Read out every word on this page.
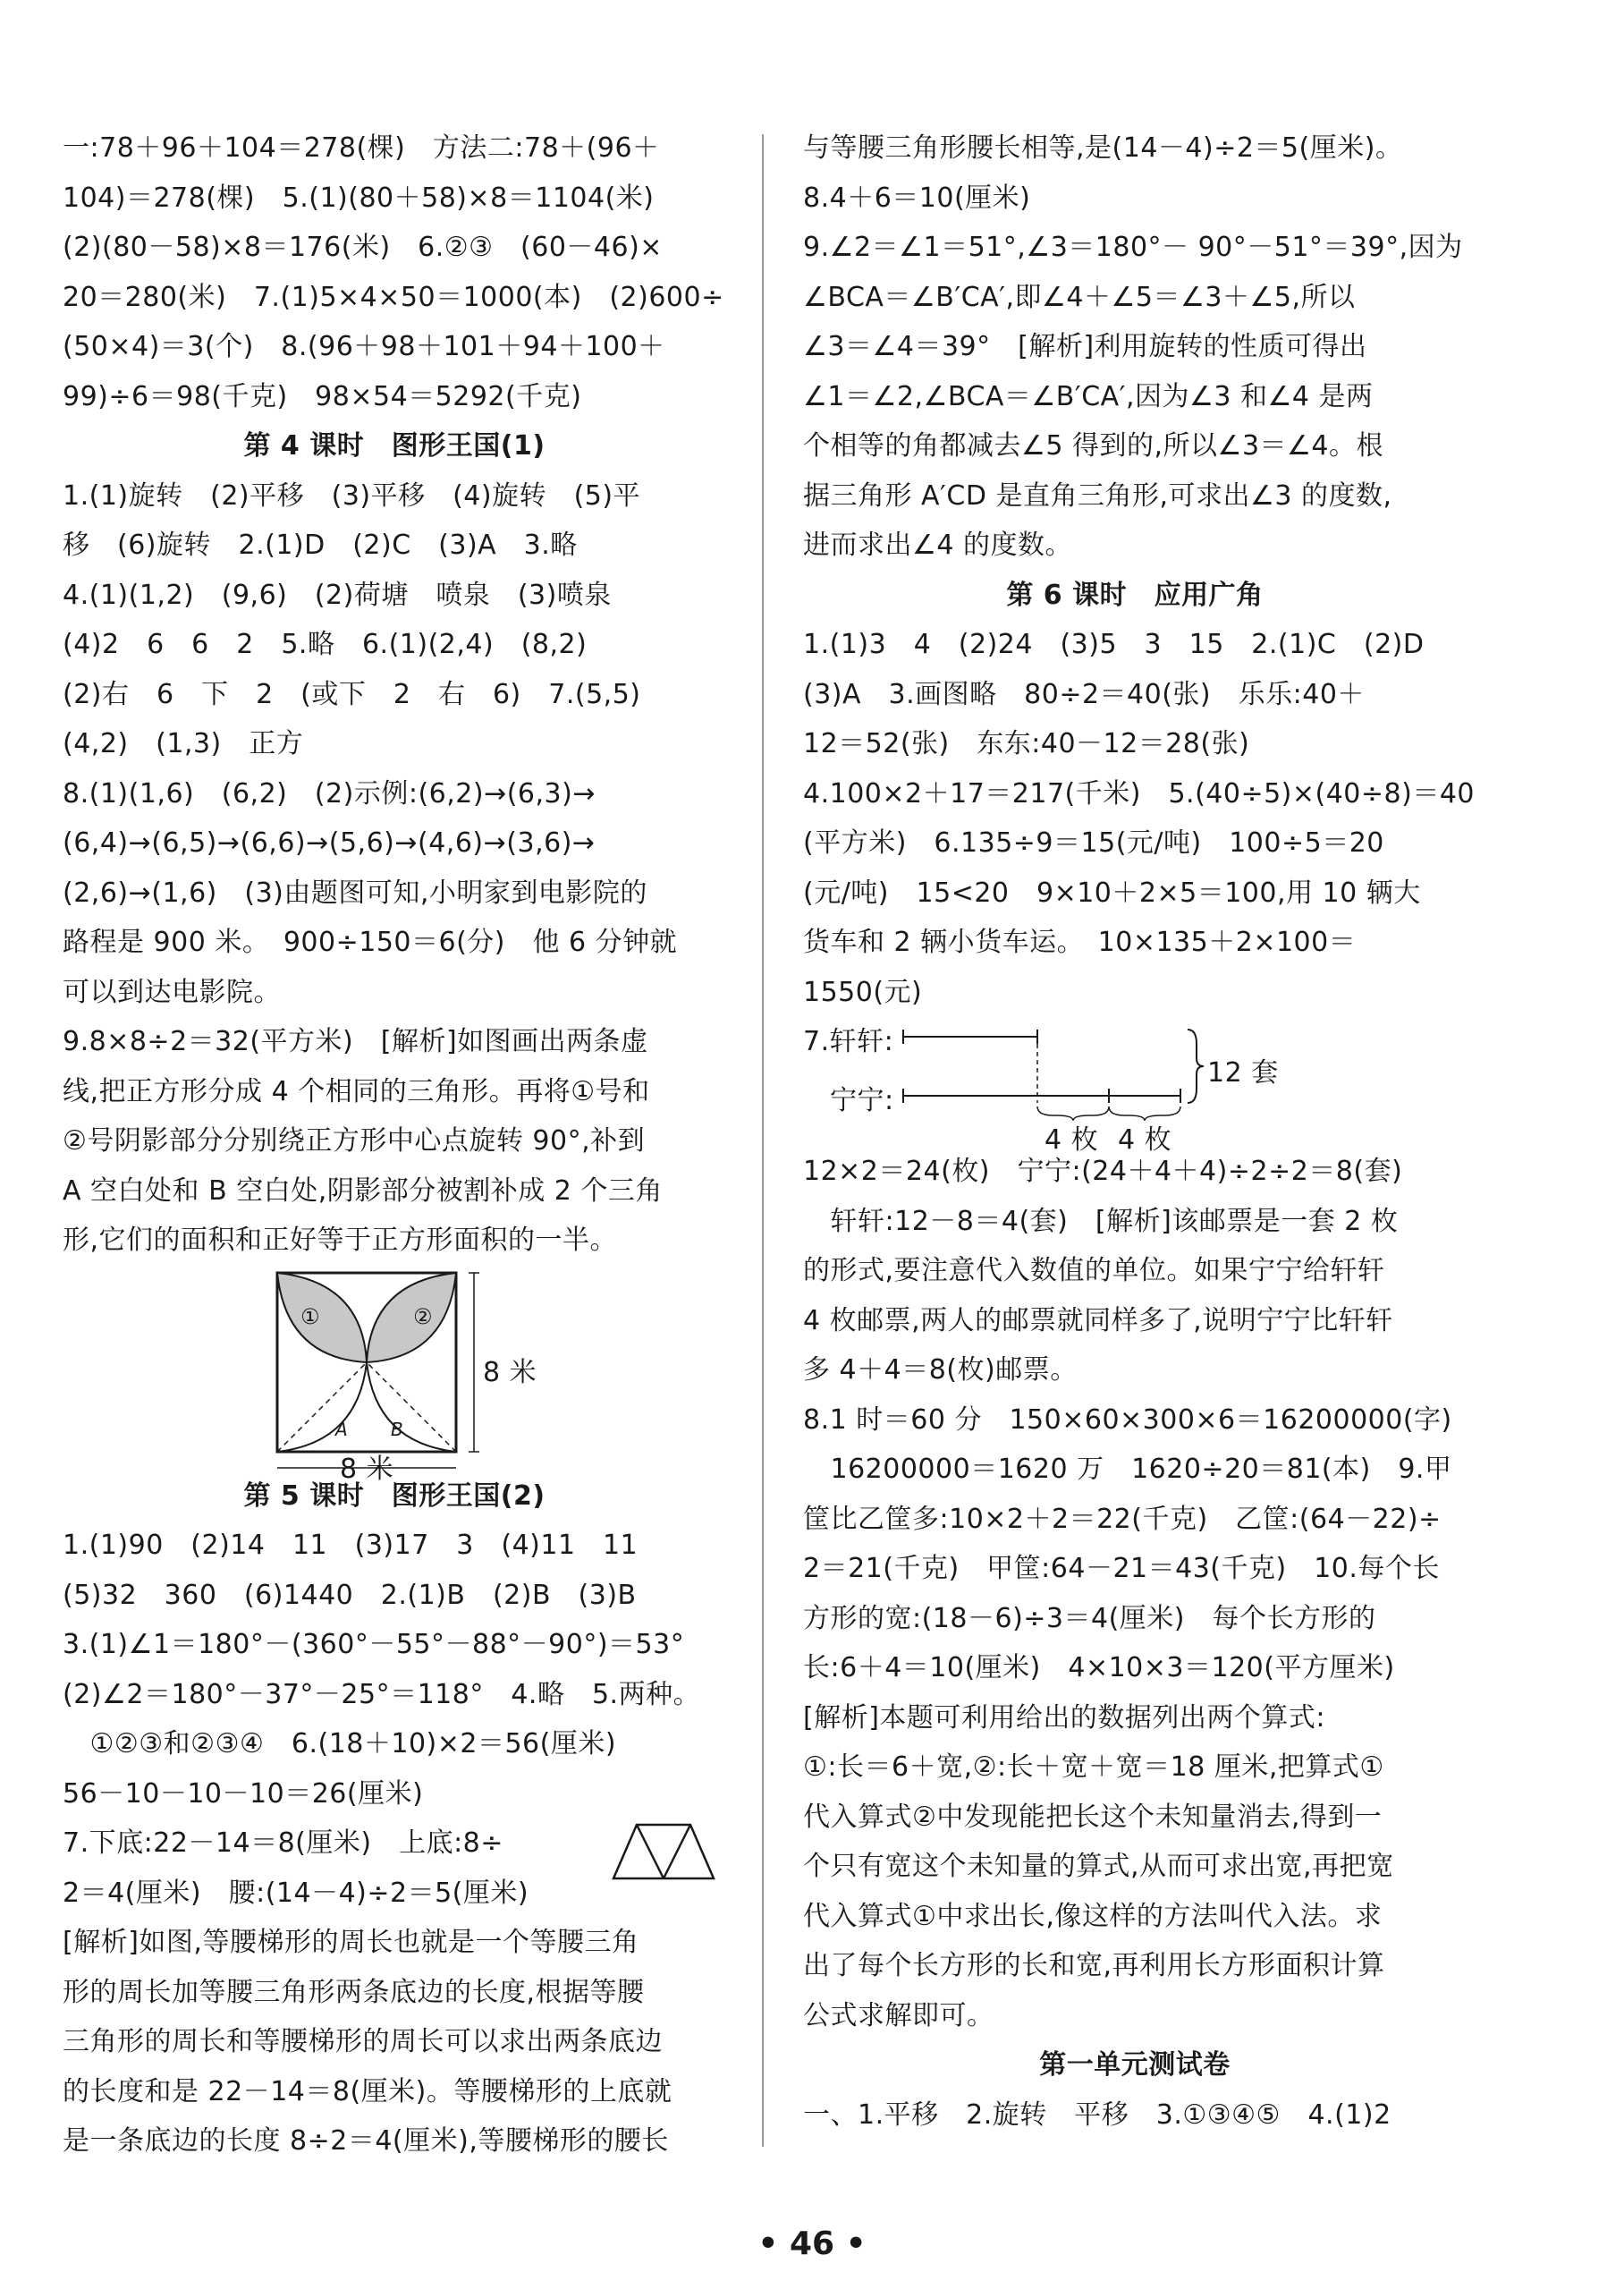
一:78＋96＋104＝278(棵)　方法二:78＋(96＋
104)＝278(棵)　5.(1)(80＋58)×8＝1104(米)
(2)(80－58)×8＝176(米)　6.②③　(60－46)×
20＝280(米)　7.(1)5×4×50＝1000(本)　(2)600÷
(50×4)＝3(个)　8.(96＋98＋101＋94＋100＋
99)÷6＝98(千克)　98×54＝5292(千克)
第 4 课时　图形王国(1)
1.(1)旋转　(2)平移　(3)平移　(4)旋转　(5)平
移　(6)旋转　2.(1)D　(2)C　(3)A　3.略
4.(1)(1,2)　(9,6)　(2)荷塘　喷泉　(3)喷泉
(4)2　6　6　2　5.略　6.(1)(2,4)　(8,2)
(2)右　6　下　2　(或下　2　右　6)　7.(5,5)
(4,2)　(1,3)　正方
8.(1)(1,6)　(6,2)　(2)示例:(6,2)→(6,3)→
(6,4)→(6,5)→(6,6)→(5,6)→(4,6)→(3,6)→
(2,6)→(1,6)　(3)由题图可知,小明家到电影院的
路程是 900 米。　900÷150＝6(分)　他 6 分钟就
可以到达电影院。
9.8×8÷2＝32(平方米)　[解析]如图画出两条虚
线,把正方形分成 4 个相同的三角形。再将①号和
②号阴影部分分别绕正方形中心点旋转 90°,补到
A 空白处和 B 空白处,阴影部分被割补成 2 个三角
形,它们的面积和正好等于正方形面积的一半。
①	②
A B
8 米
8 米
第 5 课时　图形王国(2)
1.(1)90　(2)14　11　(3)17　3　(4)11　11
(5)32　360　(6)1440　2.(1)B　(2)B　(3)B
3.(1)∠1＝180°－(360°－55°－88°－90°)＝53°
(2)∠2＝180°－37°－25°＝118°　4.略　5.两种。
　①②③和②③④　6.(18＋10)×2＝56(厘米)
56－10－10－10＝26(厘米)
7.下底:22－14＝8(厘米)　上底:8÷
2＝4(厘米)　腰:(14－4)÷2＝5(厘米)
[解析]如图,等腰梯形的周长也就是一个等腰三角
形的周长加等腰三角形两条底边的长度,根据等腰
三角形的周长和等腰梯形的周长可以求出两条底边
的长度和是 22－14＝8(厘米)。等腰梯形的上底就
是一条底边的长度 8÷2＝4(厘米),等腰梯形的腰长
与等腰三角形腰长相等,是(14－4)÷2＝5(厘米)。
8.4＋6＝10(厘米)
9.∠2＝∠1＝51°,∠3＝180°－ 90°－51°＝39°,因为
∠BCA＝∠B′CA′,即∠4＋∠5＝∠3＋∠5,所以
∠3＝∠4＝39°　[解析]利用旋转的性质可得出
∠1＝∠2,∠BCA＝∠B′CA′,因为∠3 和∠4 是两
个相等的角都减去∠5 得到的,所以∠3＝∠4。根
据三角形 A′CD 是直角三角形,可求出∠3 的度数,
进而求出∠4 的度数。
第 6 课时　应用广角
1.(1)3　4　(2)24　(3)5　3　15　2.(1)C　(2)D
(3)A　3.画图略　80÷2＝40(张)　乐乐:40＋
12＝52(张)　东东:40－12＝28(张)
4.100×2＋17＝217(千米)　5.(40÷5)×(40÷8)＝40
(平方米)　6.135÷9＝15(元/吨)　100÷5＝20
(元/吨)　15<20　9×10＋2×5＝100,用 10 辆大
货车和 2 辆小货车运。　10×135＋2×100＝
1550(元)
7.轩轩:
宁宁:
12 套
4 枚 4 枚
12×2＝24(枚)　宁宁:(24＋4＋4)÷2÷2＝8(套)
　轩轩:12－8＝4(套)　[解析]该邮票是一套 2 枚
的形式,要注意代入数值的单位。如果宁宁给轩轩
4 枚邮票,两人的邮票就同样多了,说明宁宁比轩轩
多 4＋4＝8(枚)邮票。
8.1 时＝60 分　150×60×300×6＝16200000(字)
　16200000＝1620 万　1620÷20＝81(本)　9.甲
筐比乙筐多:10×2＋2＝22(千克)　乙筐:(64－22)÷
2＝21(千克)　甲筐:64－21＝43(千克)　10.每个长
方形的宽:(18－6)÷3＝4(厘米)　每个长方形的
长:6＋4＝10(厘米)　4×10×3＝120(平方厘米)
[解析]本题可利用给出的数据列出两个算式:
①:长＝6＋宽,②:长＋宽＋宽＝18 厘米,把算式①
代入算式②中发现能把长这个未知量消去,得到一
个只有宽这个未知量的算式,从而可求出宽,再把宽
代入算式①中求出长,像这样的方法叫代入法。求
出了每个长方形的长和宽,再利用长方形面积计算
公式求解即可。
第一单元测试卷
一、1.平移　2.旋转　平移　3.①③④⑤　4.(1)2
• 46 •
